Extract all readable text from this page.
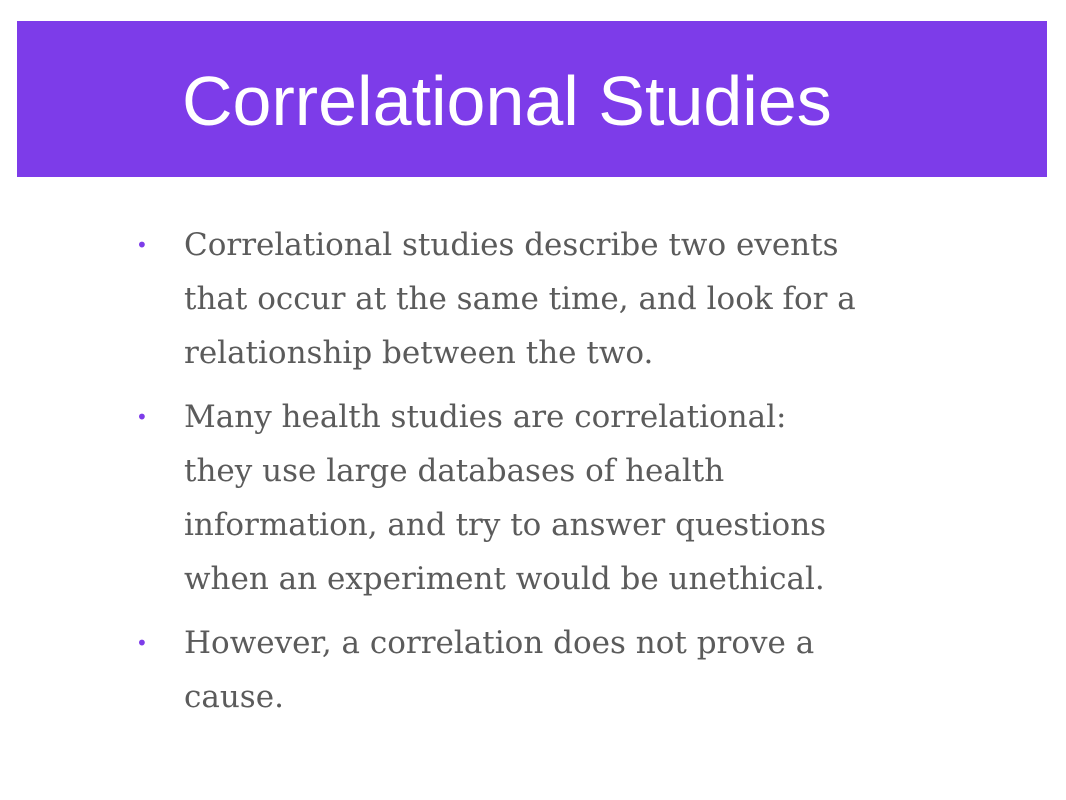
Correlational Studies
• Correlational studies describe two events
that occur at the same time, and look for a
relationship between the two.
• Many health studies are correlational:
they use large databases of health
information, and try to answer questions
when an experiment would be unethical.
• However, a correlation does not prove a
cause.
